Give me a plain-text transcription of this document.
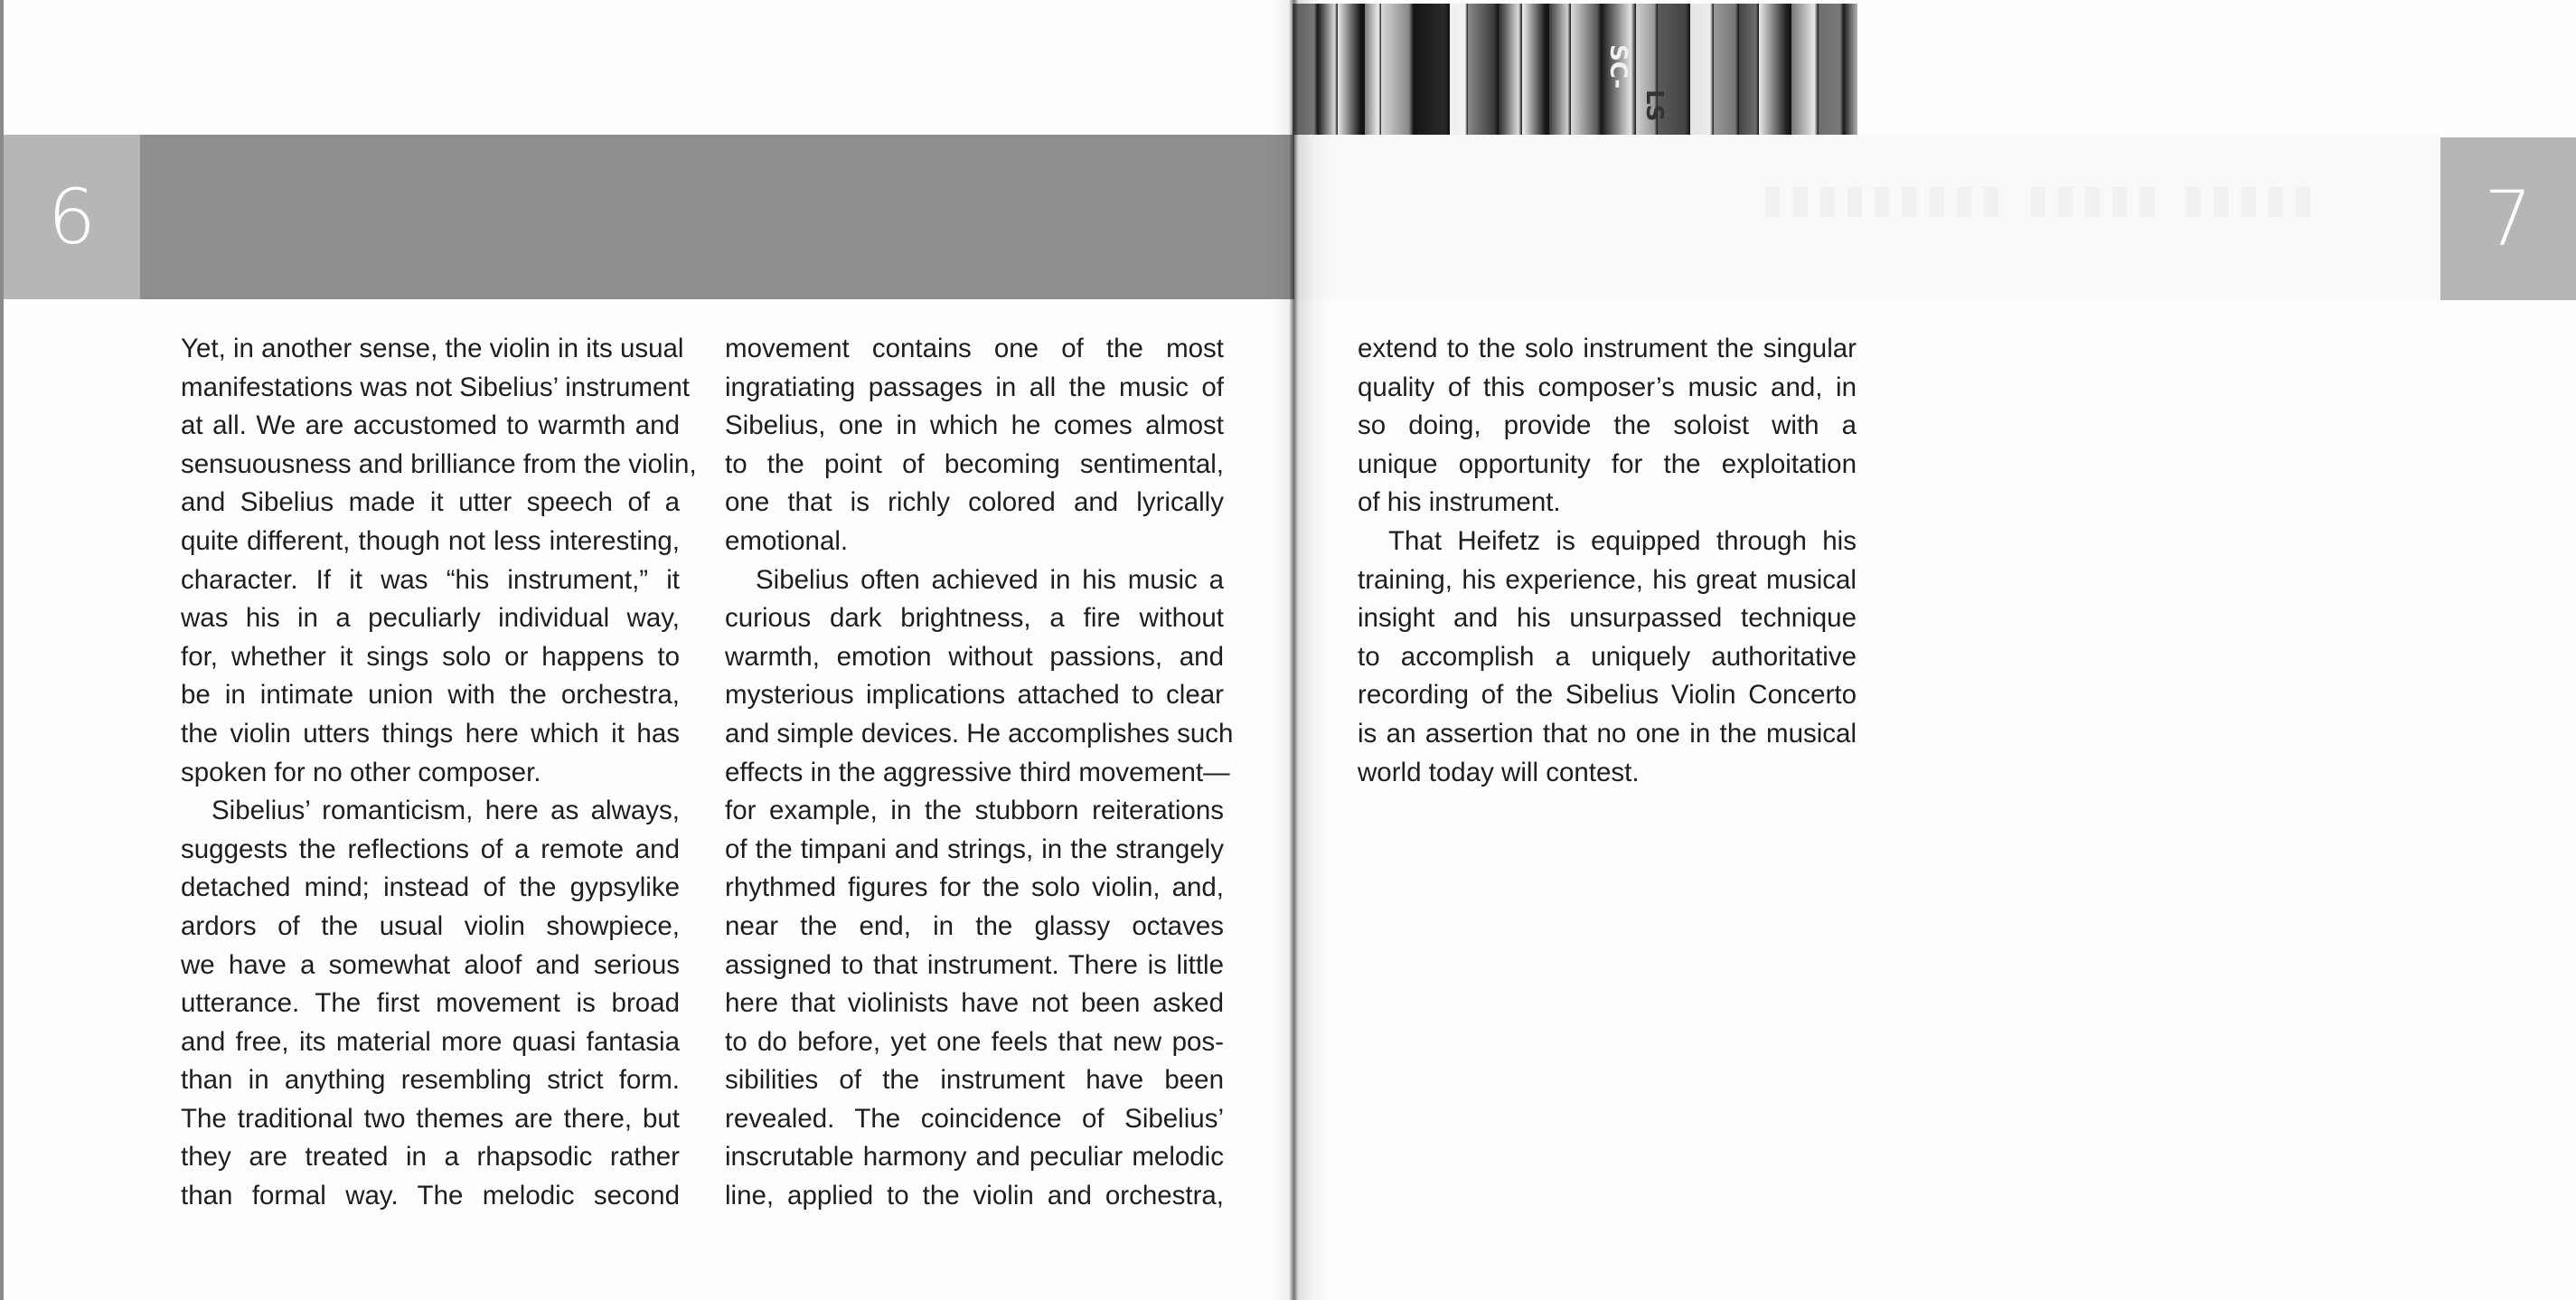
6
Yet, in another sense, the violin in its usual
manifestations was not Sibelius’ instrument
at all. We are accustomed to warmth and
sensuousness and brilliance from the violin,
and Sibelius made it utter speech of a
quite different, though not less interesting,
character. If it was “his instrument,” it
was his in a peculiarly individual way,
for, whether it sings solo or happens to
be in intimate union with the orchestra,
the violin utters things here which it has
spoken for no other composer.
Sibelius’ romanticism, here as always,
suggests the reflections of a remote and
detached mind; instead of the gypsylike
ardors of the usual violin showpiece,
we have a somewhat aloof and serious
utterance. The first movement is broad
and free, its material more quasi fantasia
than in anything resembling strict form.
The traditional two themes are there, but
they are treated in a rhapsodic rather
than formal way. The melodic second
movement contains one of the most
ingratiating passages in all the music of
Sibelius, one in which he comes almost
to the point of becoming sentimental,
one that is richly colored and lyrically
emotional.
Sibelius often achieved in his music a
curious dark brightness, a fire without
warmth, emotion without passions, and
mysterious implications attached to clear
and simple devices. He accomplishes such
effects in the aggressive third movement—
for example, in the stubborn reiterations
of the timpani and strings, in the strangely
rhythmed figures for the solo violin, and,
near the end, in the glassy octaves
assigned to that instrument. There is little
here that violinists have not been asked
to do before, yet one feels that new pos-
sibilities of the instrument have been
revealed. The coincidence of Sibelius’
inscrutable harmony and peculiar melodic
line, applied to the violin and orchestra,
▮▮▮▮▮ ▮▮▮▮▮ ▮▮▮▮▮▮▮▮▮
SC-
LS
7
extend to the solo instrument the singular
quality of this composer’s music and, in
so doing, provide the soloist with a
unique opportunity for the exploitation
of his instrument.
That Heifetz is equipped through his
training, his experience, his great musical
insight and his unsurpassed technique
to accomplish a uniquely authoritative
recording of the Sibelius Violin Concerto
is an assertion that no one in the musical
world today will contest.
